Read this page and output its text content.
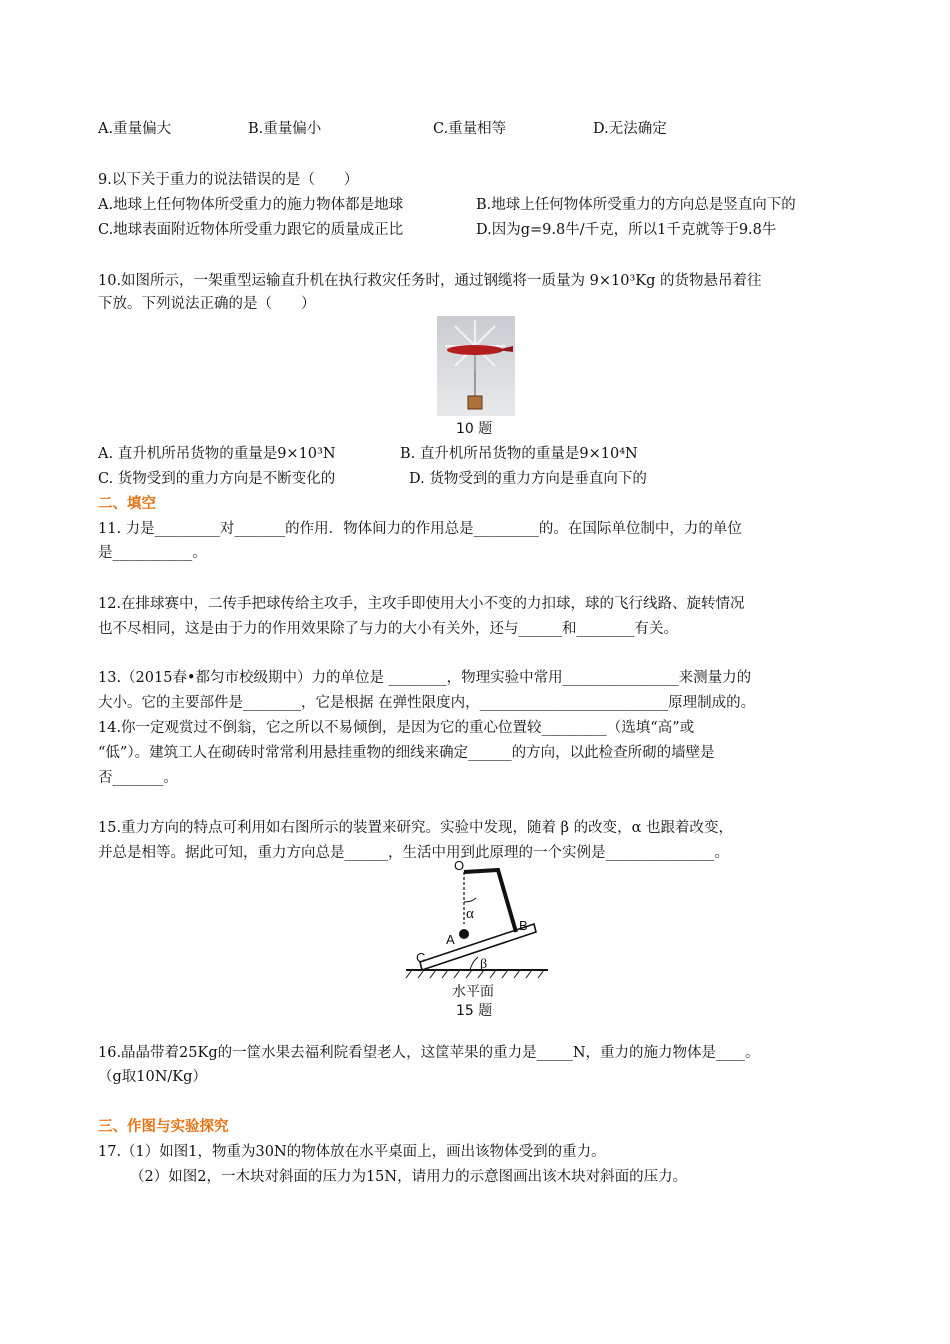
A.重量偏大	B.重量偏小	C.重量相等	D.无法确定
9.以下关于重力的说法错误的是（　　）
A.地球上任何物体所受重力的施力物体都是地球	B.地球上任何物体所受重力的方向总是竖直向下的
C.地球表面附近物体所受重力跟它的质量成正比	D.因为g=9.8牛/千克，所以1千克就等于9.8牛
10.如图所示，一架重型运输直升机在执行救灾任务时，通过钢缆将一质量为 9×10³Kg 的货物悬吊着往
下放。下列说法正确的是（　　）
10 题
A. 直升机所吊货物的重量是9×10³N	B. 直升机所吊货物的重量是9×10⁴N
C. 货物受到的重力方向是不断变化的	D. 货物受到的重力方向是垂直向下的
二、填空
11. 力是_________对_______的作用．物体间力的作用总是_________的。在国际单位制中，力的单位
是___________。
12.在排球赛中，二传手把球传给主攻手，主攻手即使用大小不变的力扣球，球的飞行线路、旋转情况
也不尽相同，这是由于力的作用效果除了与力的大小有关外，还与______和________有关。
13.（2015春•都匀市校级期中）力的单位是 ________，物理实验中常用________________来测量力的
大小。它的主要部件是________，它是根据 在弹性限度内，__________________________原理制成的。
14.你一定观赏过不倒翁，它之所以不易倾倒，是因为它的重心位置较_________（选填“高”或
“低”）。建筑工人在砌砖时常常利用悬挂重物的细线来确定______的方向，以此检查所砌的墙壁是
否_______。
15.重力方向的特点可利用如右图所示的装置来研究。实验中发现，随着 β 的改变，α 也跟着改变，
并总是相等。据此可知，重力方向总是______，生活中用到此原理的一个实例是_______________。
O
α
A
B
C	β
水平面
15 题
16.晶晶带着25Kg的一筐水果去福利院看望老人，这筐苹果的重力是_____N，重力的施力物体是____。
（g取10N/Kg）
三、作图与实验探究
17.（1）如图1，物重为30N的物体放在水平桌面上，画出该物体受到的重力。
（2）如图2，一木块对斜面的压力为15N，请用力的示意图画出该木块对斜面的压力。
